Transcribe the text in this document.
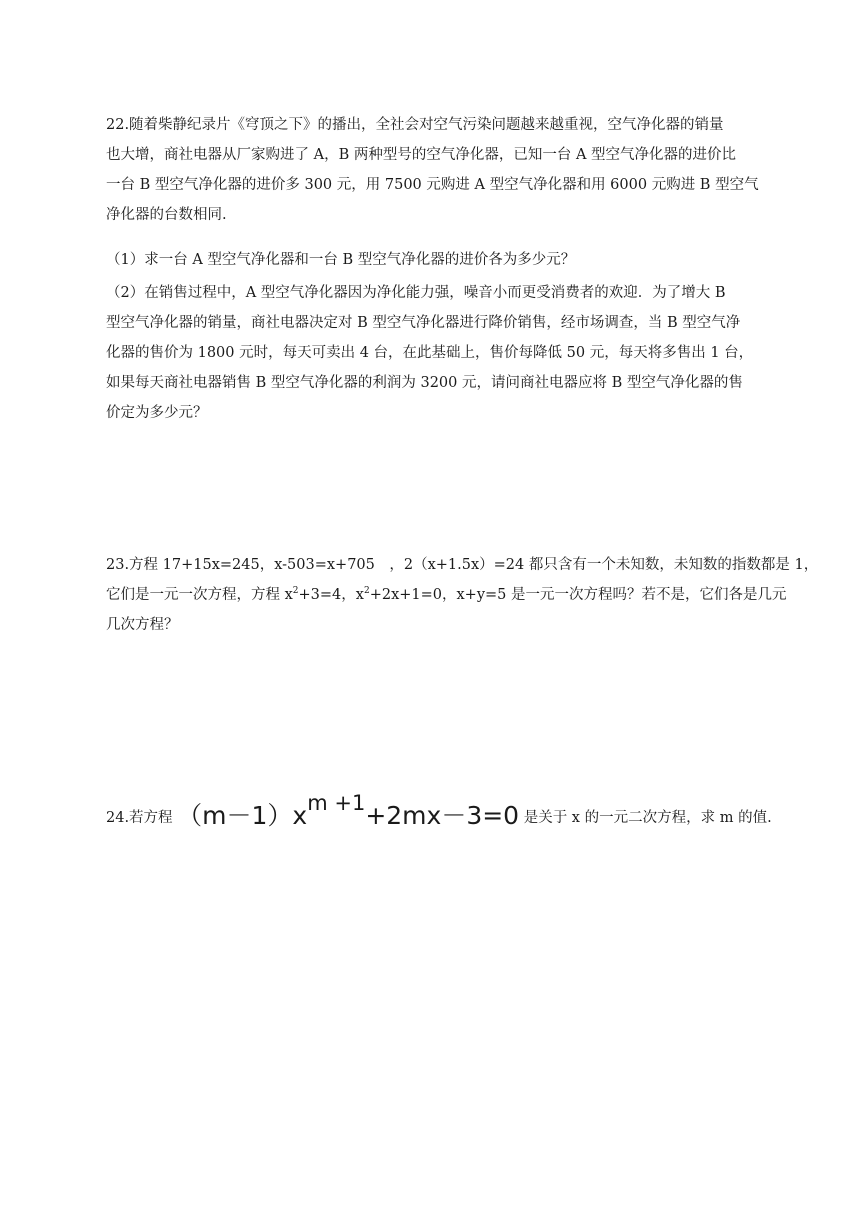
22.随着柴静纪录片《穹顶之下》的播出，全社会对空气污染问题越来越重视，空气净化器的销量
也大增，商社电器从厂家购进了 A，B 两种型号的空气净化器，已知一台 A 型空气净化器的进价比
一台 B 型空气净化器的进价多 300 元，用 7500 元购进 A 型空气净化器和用 6000 元购进 B 型空气
净化器的台数相同.
（1）求一台 A 型空气净化器和一台 B 型空气净化器的进价各为多少元？
（2）在销售过程中，A 型空气净化器因为净化能力强，噪音小而更受消费者的欢迎．为了增大 B
型空气净化器的销量，商社电器决定对 B 型空气净化器进行降价销售，经市场调查，当 B 型空气净
化器的售价为 1800 元时，每天可卖出 4 台，在此基础上，售价每降低 50 元，每天将多售出 1 台，
如果每天商社电器销售 B 型空气净化器的利润为 3200 元，请问商社电器应将 B 型空气净化器的售
价定为多少元？
23.方程 17+15x=245，x-503=x+705　，2（x+1.5x）=24 都只含有一个未知数，未知数的指数都是 1，
它们是一元一次方程，方程 $x^2+3=4$，$x^2+2x+1=0$，x+y=5 是一元一次方程吗？若不是，它们各是几元
几次方程？
24.若方程 （m－1）xm +1+2mx－3=0 是关于 x 的一元二次方程，求 m 的值.
